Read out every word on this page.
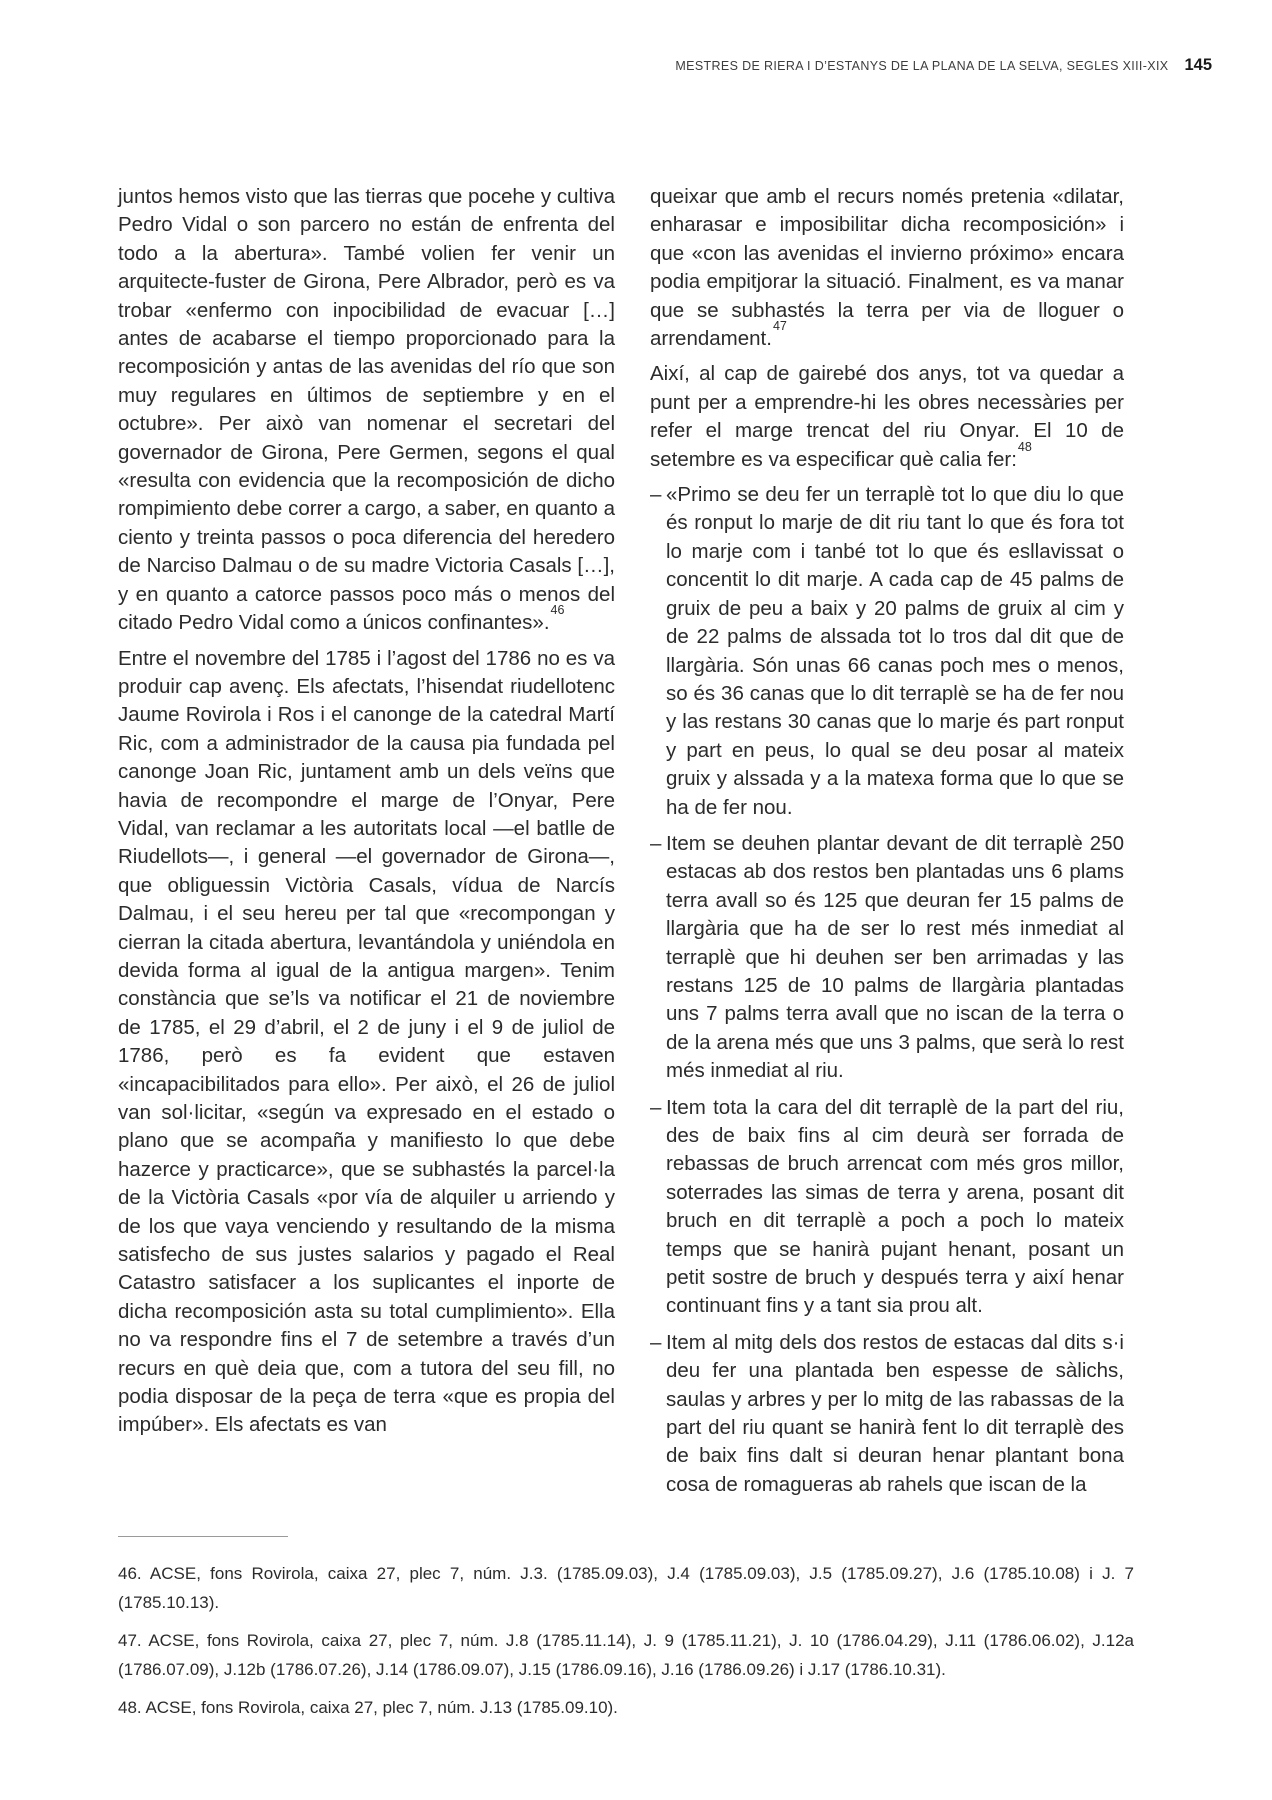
MESTRES DE RIERA I D’ESTANYS DE LA PLANA DE LA SELVA, SEGLES XIII-XIX 145

juntos hemos visto que las tierras que pocehe y cultiva Pedro Vidal o son parcero no están de enfrenta del todo a la abertura». També volien fer venir un arquitecte-fuster de Girona, Pere Albrador, però es va trobar «enfermo con inpocibilidad de evacuar […] antes de acabarse el tiempo proporcionado para la recomposición y antas de las avenidas del río que son muy regulares en últimos de septiembre y en el octubre». Per això van nomenar el secretari del governador de Girona, Pere Germen, segons el qual «resulta con evidencia que la recomposición de dicho rompimiento debe correr a cargo, a saber, en quanto a ciento y treinta passos o poca diferencia del heredero de Narciso Dalmau o de su madre Victoria Casals […], y en quanto a catorce passos poco más o menos del citado Pedro Vidal como a únicos confinantes».$^{46}$

Entre el novembre del 1785 i l’agost del 1786 no es va produir cap avenç. Els afectats, l’hisendat riudellotenc Jaume Rovirola i Ros i el canonge de la catedral Martí Ric, com a administrador de la causa pia fundada pel canonge Joan Ric, juntament amb un dels veïns que havia de recompondre el marge de l’Onyar, Pere Vidal, van reclamar a les autoritats local —el batlle de Riudellots—, i general —el governador de Girona—, que obliguessin Victòria Casals, vídua de Narcís Dalmau, i el seu hereu per tal que «recompongan y cierran la citada abertura, levantándola y uniéndola en devida forma al igual de la antigua margen». Tenim constància que se’ls va notificar el 21 de noviembre de 1785, el 29 d’abril, el 2 de juny i el 9 de juliol de 1786, però es fa evident que estaven «incapacibilitados para ello». Per això, el 26 de juliol van sol·licitar, «según va expresado en el estado o plano que se acompaña y manifiesto lo que debe hazerce y practicarce», que se subhastés la parcel·la de la Victòria Casals «por vía de alquiler u arriendo y de los que vaya venciendo y resultando de la misma satisfecho de sus justes salarios y pagado el Real Catastro satisfacer a los suplicantes el inporte de dicha recomposición asta su total cumplimiento». Ella no va respondre fins el 7 de setembre a través d’un recurs en què deia que, com a tutora del seu fill, no podia disposar de la peça de terra «que es propia del impúber». Els afectats es van

queixar que amb el recurs només pretenia «dilatar, enharasar e imposibilitar dicha recomposición» i que «con las avenidas el invierno próximo» encara podia empitjorar la situació. Finalment, es va manar que se subhastés la terra per via de lloguer o arrendament.$^{47}$

Així, al cap de gairebé dos anys, tot va quedar a punt per a emprendre-hi les obres necessàries per refer el marge trencat del riu Onyar. El 10 de setembre es va especificar què calia fer:$^{48}$

– «Primo se deu fer un terraplè tot lo que diu lo que és ronput lo marje de dit riu tant lo que és fora tot lo marje com i tanbé tot lo que és esllavissat o concentit lo dit marje. A cada cap de 45 palms de gruix de peu a baix y 20 palms de gruix al cim y de 22 palms de alssada tot lo tros dal dit que de llargària. Són unas 66 canas poch mes o menos, so és 36 canas que lo dit terraplè se ha de fer nou y las restans 30 canas que lo marje és part ronput y part en peus, lo qual se deu posar al mateix gruix y alssada y a la matexa forma que lo que se ha de fer nou.
– Item se deuhen plantar devant de dit terraplè 250 estacas ab dos restos ben plantadas uns 6 plams terra avall so és 125 que deuran fer 15 palms de llargària que ha de ser lo rest més inmediat al terraplè que hi deuhen ser ben arrimadas y las restans 125 de 10 palms de llargària plantadas uns 7 palms terra avall que no iscan de la terra o de la arena més que uns 3 palms, que serà lo rest més inmediat al riu.
– Item tota la cara del dit terraplè de la part del riu, des de baix fins al cim deurà ser forrada de rebassas de bruch arrencat com més gros millor, soterrades las simas de terra y arena, posant dit bruch en dit terraplè a poch a poch lo mateix temps que se hanirà pujant henant, posant un petit sostre de bruch y después terra y així henar continuant fins y a tant sia prou alt.
– Item al mitg dels dos restos de estacas dal dits s·i deu fer una plantada ben espesse de sàlichs, saulas y arbres y per lo mitg de las rabassas de la part del riu quant se hanirà fent lo dit terraplè des de baix fins dalt si deuran henar plantant bona cosa de romagueras ab rahels que iscan de la

46. ACSE, fons Rovirola, caixa 27, plec 7, núm. J.3. (1785.09.03), J.4 (1785.09.03), J.5 (1785.09.27), J.6 (1785.10.08) i J. 7 (1785.10.13).

47. ACSE, fons Rovirola, caixa 27, plec 7, núm. J.8 (1785.11.14), J. 9 (1785.11.21), J. 10 (1786.04.29), J.11 (1786.06.02), J.12a (1786.07.09), J.12b (1786.07.26), J.14 (1786.09.07), J.15 (1786.09.16), J.16 (1786.09.26) i J.17 (1786.10.31).

48. ACSE, fons Rovirola, caixa 27, plec 7, núm. J.13 (1785.09.10).
